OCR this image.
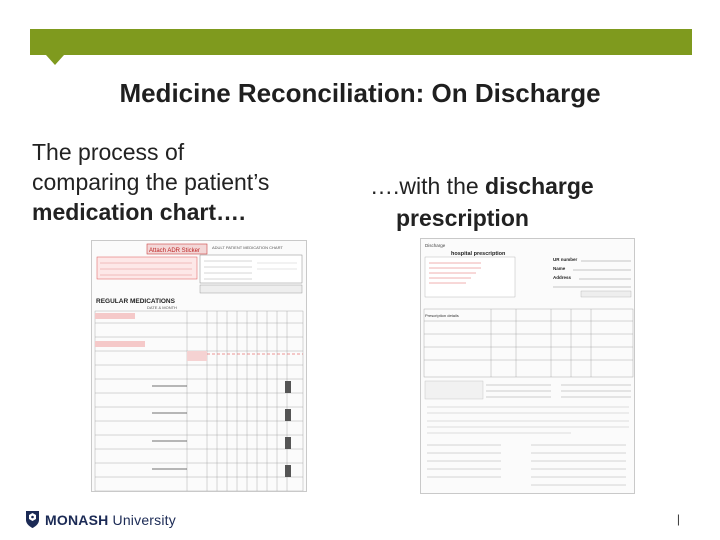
Medicine Reconciliation: On Discharge
The process of
comparing the patient’s
medication chart….
….with the discharge
prescription
Attach ADR Sticker
ADULT PATIENT MEDICATION CHART
REGULAR MEDICATIONS
DATE & MONTH
Discharge
hospital prescription
UR number
Name
Address
Prescription details
MONASH University	|
